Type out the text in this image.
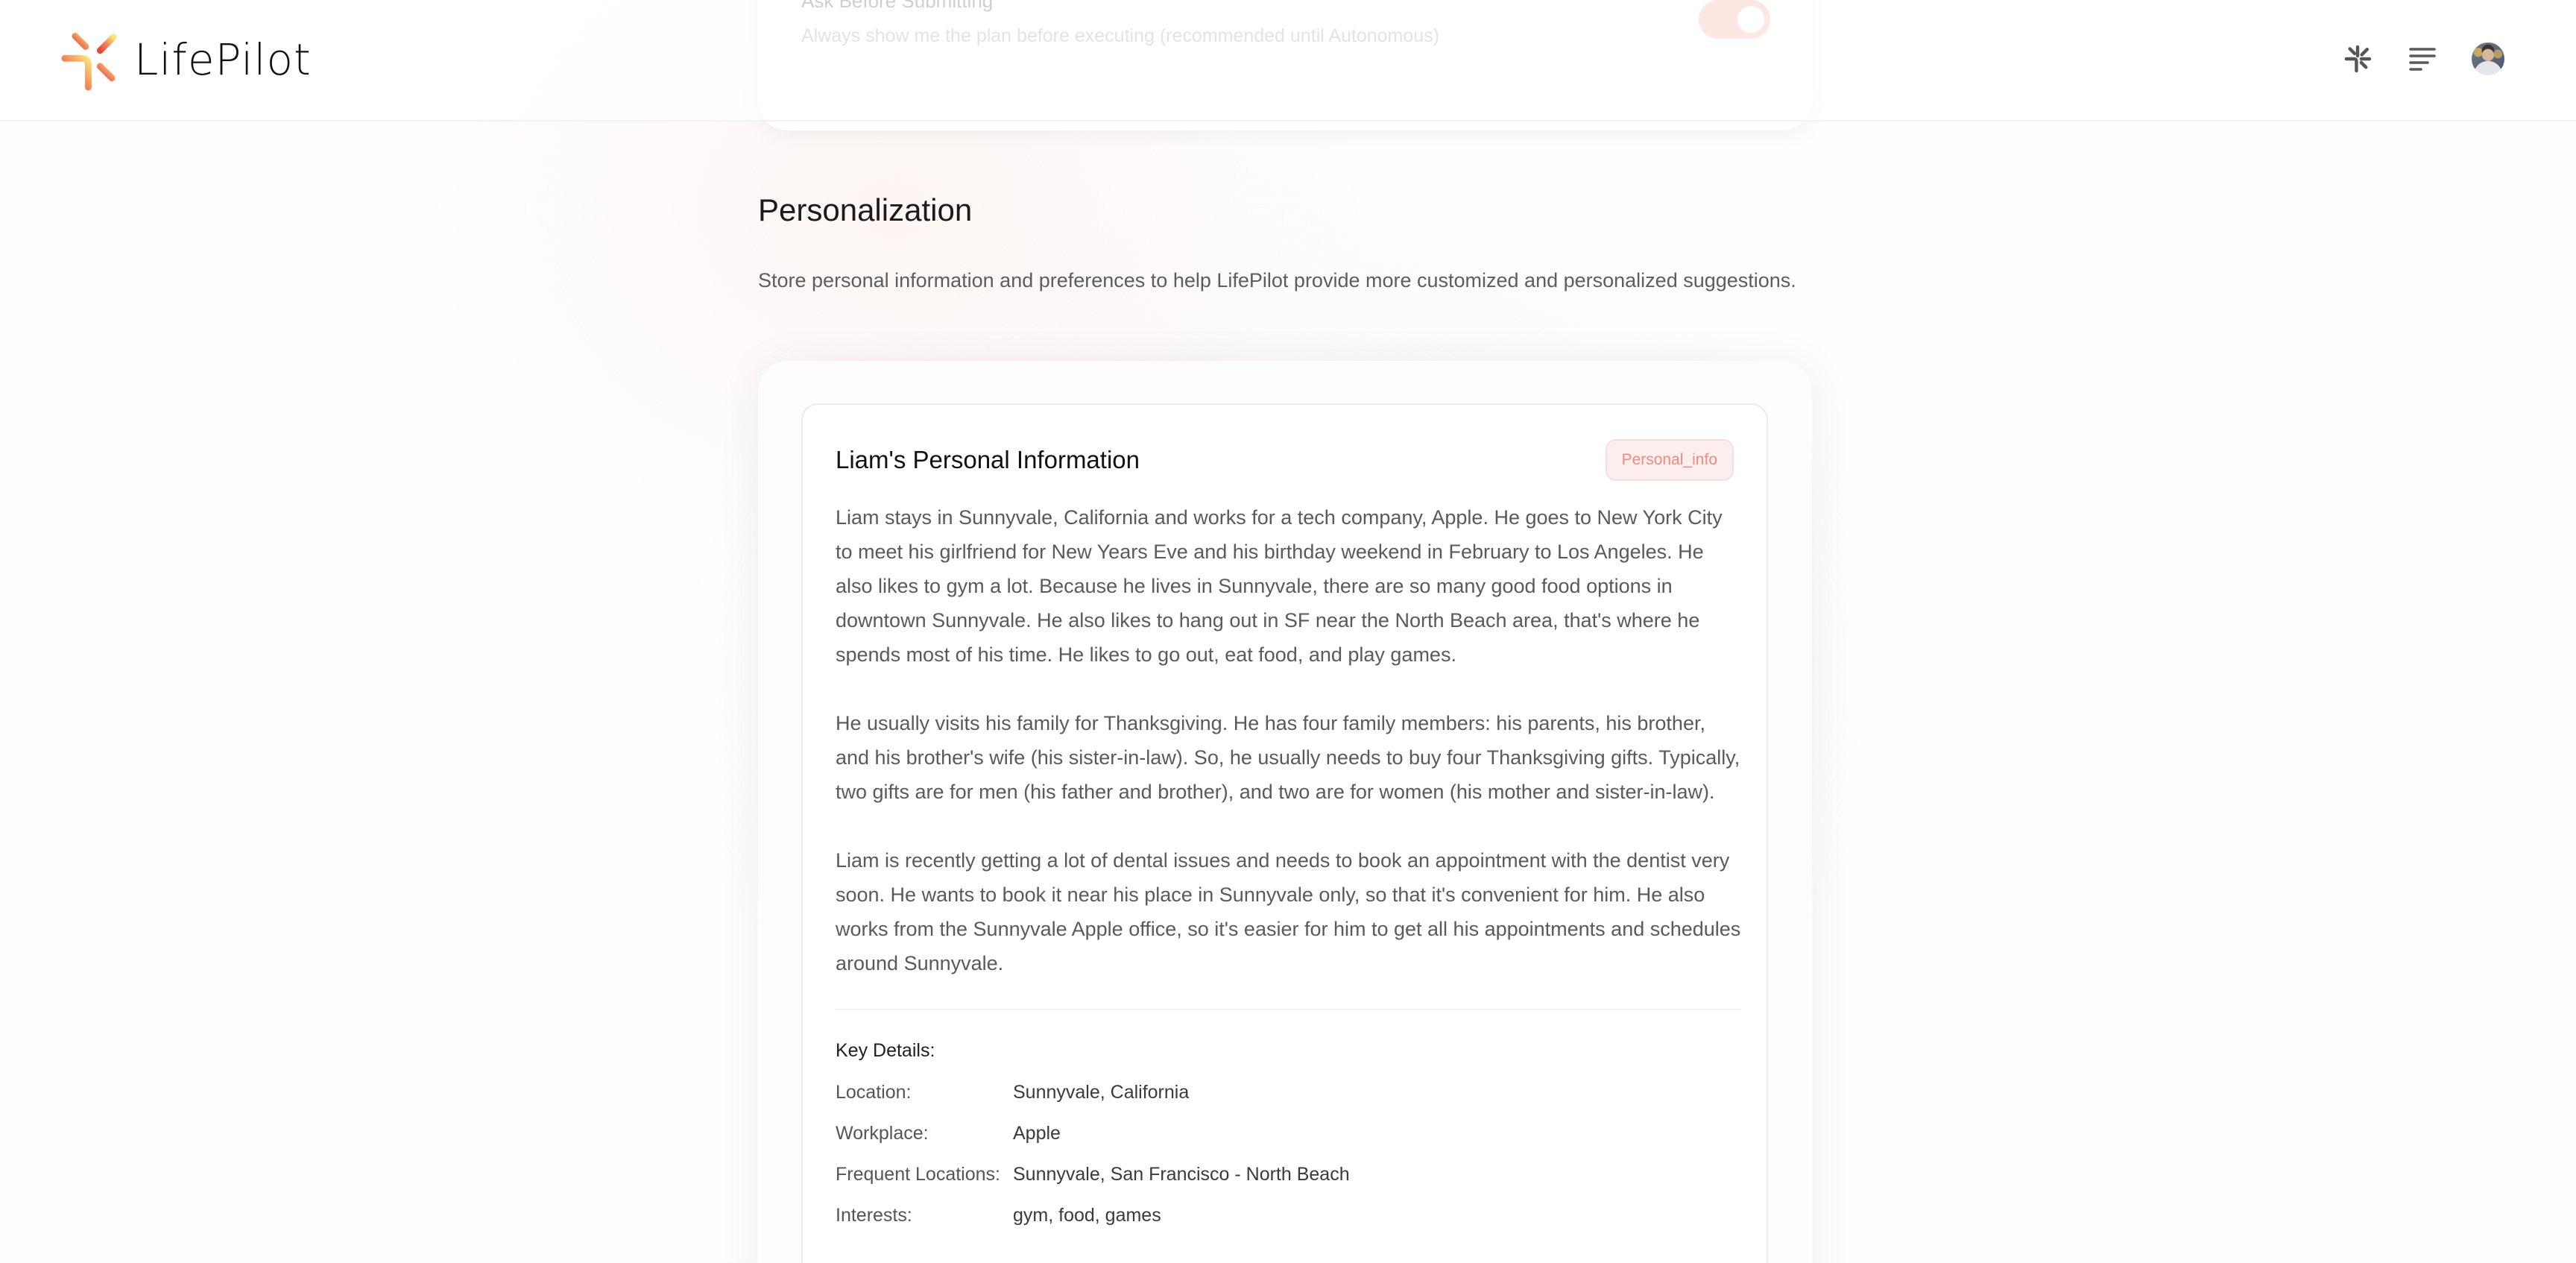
LifePilot
Personalization

Store personal information and preferences to help LifePilot provide more customized and personalized suggestions.

Liam's Personal Information	Personal_info

Liam stays in Sunnyvale, California and works for a tech company, Apple. He goes to New York City to meet his girlfriend for New Years Eve and his birthday weekend in February to Los Angeles. He also likes to gym a lot. Because he lives in Sunnyvale, there are so many good food options in downtown Sunnyvale. He also likes to hang out in SF near the North Beach area, that's where he spends most of his time. He likes to go out, eat food, and play games.

He usually visits his family for Thanksgiving. He has four family members: his parents, his brother, and his brother's wife (his sister-in-law). So, he usually needs to buy four Thanksgiving gifts. Typically, two gifts are for men (his father and brother), and two are for women (his mother and sister-in-law).

Liam is recently getting a lot of dental issues and needs to book an appointment with the dentist very soon. He wants to book it near his place in Sunnyvale only, so that it's convenient for him. He also works from the Sunnyvale Apple office, so it's easier for him to get all his appointments and schedules around Sunnyvale.

Key Details:
Location:	Sunnyvale, California
Workplace:	Apple
Frequent Locations: Sunnyvale, San Francisco - North Beach
Interests:	gym, food, games
